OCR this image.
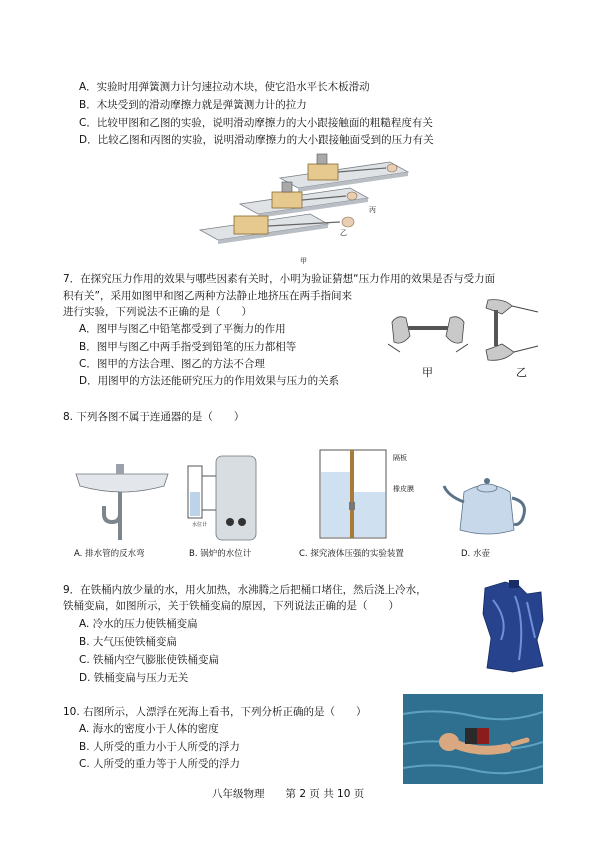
A．实验时用弹簧测力计匀速拉动木块，使它沿水平长木板滑动
B．木块受到的滑动摩擦力就是弹簧测力计的拉力
C．比较甲图和乙图的实验，说明滑动摩擦力的大小跟接触面的粗糙程度有关
D．比较乙图和丙图的实验，说明滑动摩擦力的大小跟接触面受到的压力有关
丙
乙
甲
7．在探究压力作用的效果与哪些因素有关时，小明为验证猜想“压力作用的效果是否与受力面
积有关”，采用如图甲和图乙两种方法静止地挤压在两手指间来
进行实验，下列说法不正确的是（　　）
A．图甲与图乙中铅笔都受到了平衡力的作用
B．图甲与图乙中两手指受到铅笔的压力都相等
C．图甲的方法合理、图乙的方法不合理
D．用图甲的方法还能研究压力的作用效果与压力的关系
甲	乙
8. 下列各图不属于连通器的是（　　）
A. 排水管的反水弯
水位计
B. 锅炉的水位计
隔板
橡皮膜
C. 探究液体压强的实验装置	D. 水壶
9．在铁桶内放少量的水，用火加热，水沸腾之后把桶口堵住，然后浇上冷水，
铁桶变扁，如图所示，关于铁桶变扁的原因，下列说法正确的是（　　）
A. 冷水的压力使铁桶变扁
B. 大气压使铁桶变扁
C. 铁桶内空气膨胀使铁桶变扁
D. 铁桶变扁与压力无关
10. 右图所示，人漂浮在死海上看书，下列分析正确的是（　　）
A. 海水的密度小于人体的密度
B. 人所受的重力小于人所受的浮力
C. 人所受的重力等于人所受的浮力
八年级物理　　第 2 页 共 10 页
